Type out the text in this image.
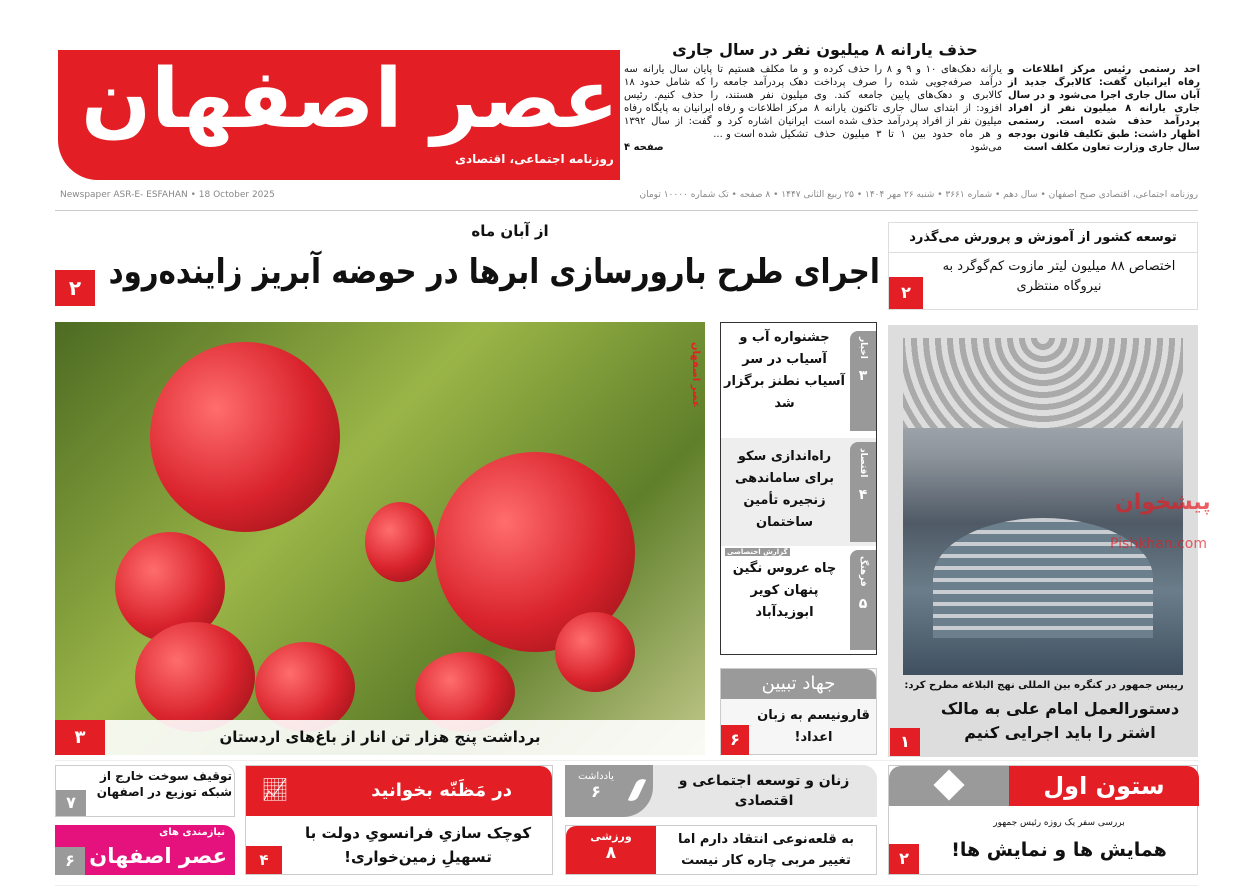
عصر اصفهان
روزنامه اجتماعی، اقتصادی
حذف یارانه ۸ میلیون نفر در سال جاری
احد رستمی رئیس مرکز اطلاعات و رفاه ایرانیان گفت: کالابرگ جدید از آبان سال جاری اجرا می‌شود و در سال جاری یارانه ۸ میلیون نفر از افراد پردرآمد حذف شده است. رستمی اظهار داشت: طبق تکلیف قانون بودجه سال جاری وزارت تعاون مکلف است
یارانه دهک‌های ۱۰ و ۹ و ۸ را حذف کرده و درآمد صرفه‌جویی شده را صرف پرداخت کالابری و دهک‌های پایین جامعه کند. وی افزود: از ابتدای سال جاری تاکنون یارانه ۸ میلیون نفر از افراد پردرآمد حذف شده است و هر ماه حدود بین ۱ تا ۳ میلیون حذف می‌شود
و ما مکلف هستیم تا پایان سال یارانه سه دهک پردرآمد جامعه را که شامل حدود ۱۸ میلیون نفر هستند، را حذف کنیم. رئیس مرکز اطلاعات و رفاه ایرانیان به پایگاه رفاه ایرانیان اشاره کرد و گفت: از سال ۱۳۹۲ تشکیل شده است و ...
صفحه ۴
روزنامه اجتماعی، اقتصادی صبح اصفهان • سال دهم • شماره ۳۶۶۱ • شنبه ۲۶ مهر ۱۴۰۴ • ۲۵ ربیع الثانی ۱۴۴۷ • ۸ صفحه • تک شماره ۱۰۰۰۰ تومان
Newspaper ASR-E- ESFAHAN • 18 October 2025
توسعه کشور از آموزش و پرورش می‌گذرد
اختصاص ۸۸ میلیون لیتر مازوت کم‌گوگرد به نیروگاه منتظری
۲
از آبان ماه
اجرای طرح بارورسازی ابرها در حوضه آبریز زاینده‌رود
۲
عصر اصفهان
برداشت پنج هزار تن انار از باغ‌های اردستان
۳
اخبار
۳
جشنواره آب و آسیاب در سر آسیاب نطنز برگزار شد
اقتصاد
۴
راه‌اندازی سکو برای ساماندهی زنجیره تأمین ساختمان
فرهنگ
۵
گزارش اختصاصی
چاه عروس نگین پنهان کویر ابوزیدآباد
جهاد تبیین
قارونیسم به زبان اعداد!
۶
پیشخوان
Pishkhan.com
رییس جمهور در کنگره بین المللی نهج البلاغه مطرح کرد:
دستورالعمل امام علی به مالک اشتر را باید اجرایی کنیم
۱
ستون اول
بررسی سفر یک روزه رئیس جمهور
همایش ها و نمایش ها!
۲
زنان و توسعه اجتماعی و اقتصادی
یادداشت
۶
ورزشی
۸
به قلعه‌نوعی انتقاد دارم اما تغییر مربی چاره کار نیست
در مَظَنّه بخوانید
📈︎
کوچک سازیِ فرانسویِ دولت با تسهیلِ زمین‌خواری!
۴
توقیف سوخت خارج از شبکه توزیع در اصفهان
۷
نیازمندی های
عصر اصفهان
۶
